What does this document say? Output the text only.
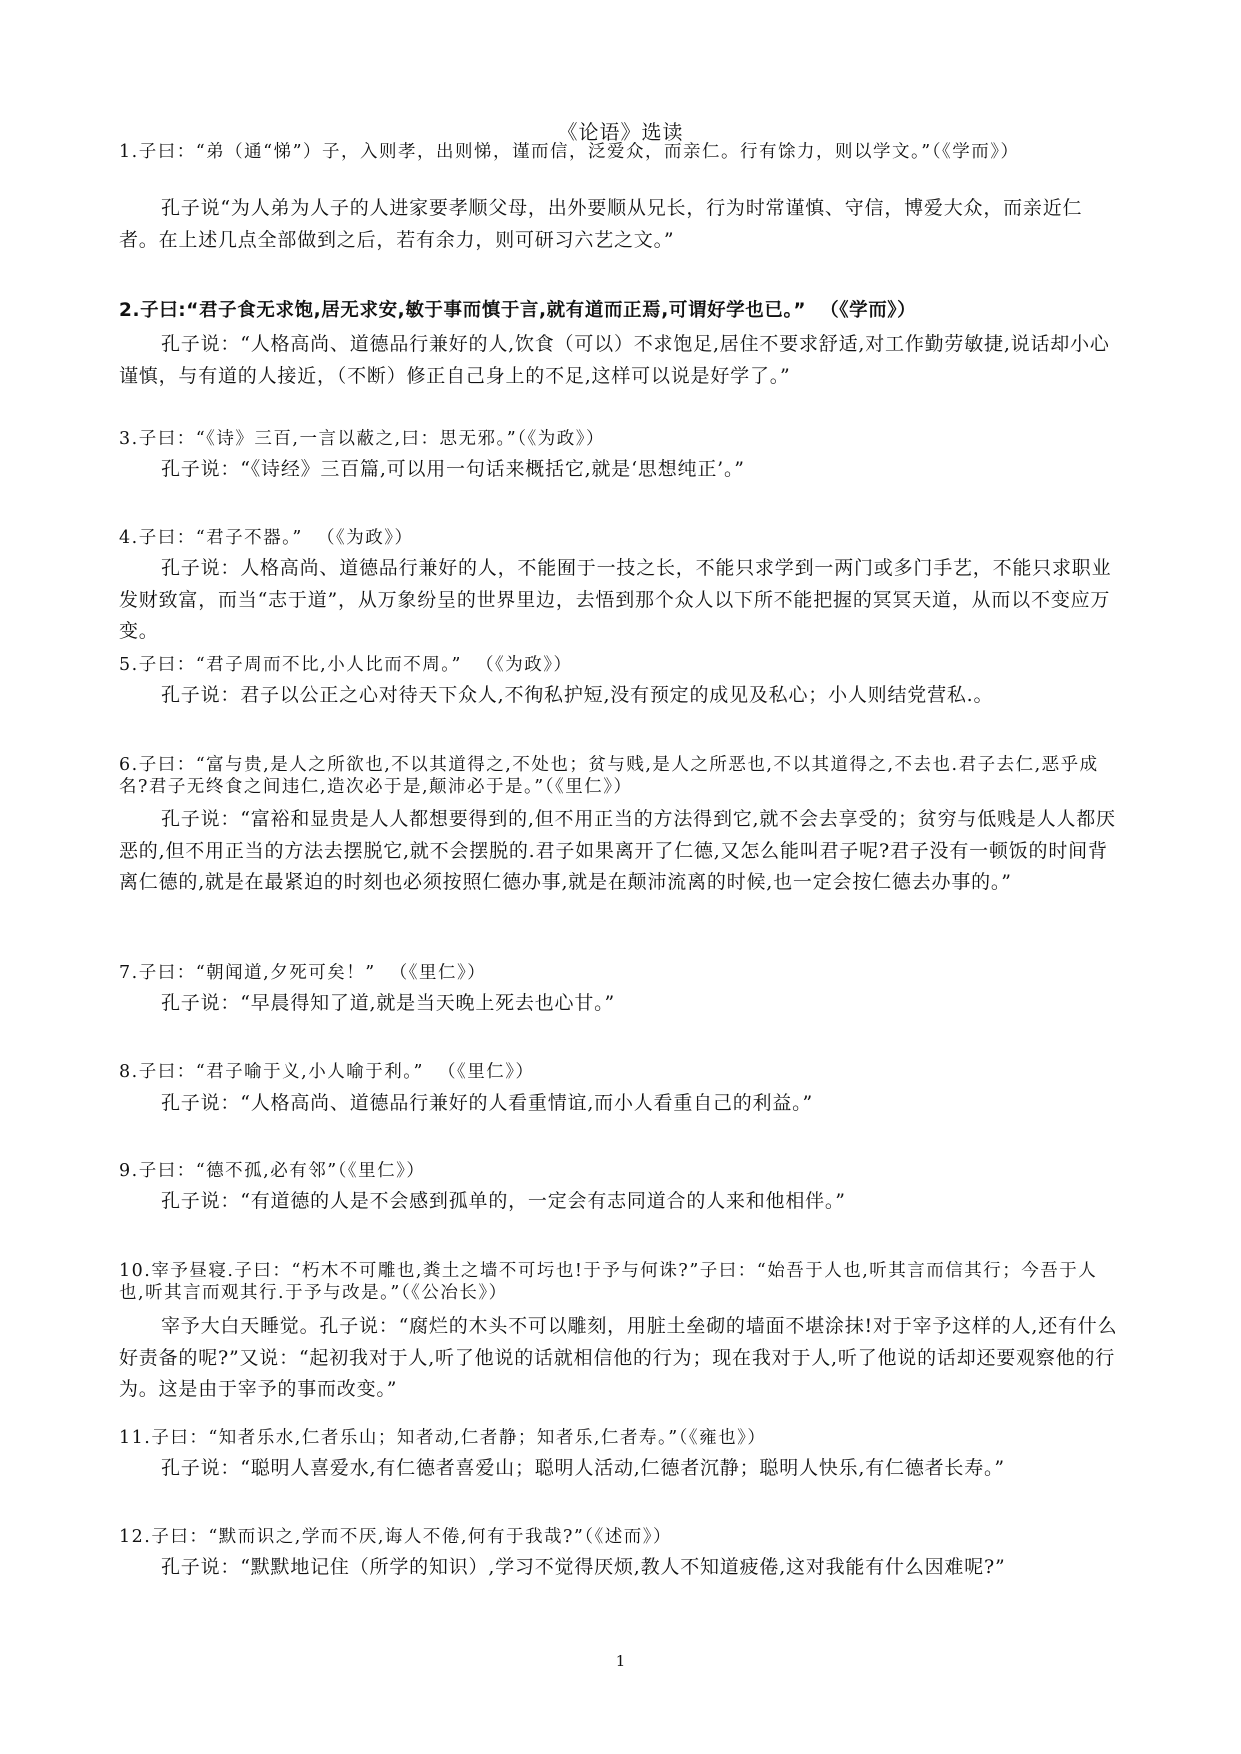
《论语》选读
1.子曰：“弟（通“悌”）子，入则孝，出则悌，谨而信，泛爱众，而亲仁。行有馀力，则以学文。”（《学而》）
孔子说“为人弟为人子的人进家要孝顺父母，出外要顺从兄长，行为时常谨慎、守信，博爱大众，而亲近仁者。在上述几点全部做到之后，若有余力，则可研习六艺之文。”
2.子曰:“君子食无求饱,居无求安,敏于事而慎于言,就有道而正焉,可谓好学也已。”  （《学而》）
孔子说：“人格高尚、道德品行兼好的人,饮食（可以）不求饱足,居住不要求舒适,对工作勤劳敏捷,说话却小心谨慎，与有道的人接近，（不断）修正自己身上的不足,这样可以说是好学了。”
3.子曰：“《诗》三百,一言以蔽之,曰：思无邪。”（《为政》）
孔子说：“《诗经》三百篇,可以用一句话来概括它,就是‘思想纯正’。”
4.子曰：“君子不器。”  （《为政》）
孔子说：人格高尚、道德品行兼好的人，不能囿于一技之长，不能只求学到一两门或多门手艺，不能只求职业发财致富，而当“志于道”，从万象纷呈的世界里边，去悟到那个众人以下所不能把握的冥冥天道，从而以不变应万变。
5.子曰：“君子周而不比,小人比而不周。”  （《为政》）
孔子说：君子以公正之心对待天下众人,不徇私护短,没有预定的成见及私心；小人则结党营私.。
6.子曰：“富与贵,是人之所欲也,不以其道得之,不处也；贫与贱,是人之所恶也,不以其道得之,不去也.君子去仁,恶乎成名?君子无终食之间违仁,造次必于是,颠沛必于是。”（《里仁》）
孔子说：“富裕和显贵是人人都想要得到的,但不用正当的方法得到它,就不会去享受的；贫穷与低贱是人人都厌恶的,但不用正当的方法去摆脱它,就不会摆脱的.君子如果离开了仁德,又怎么能叫君子呢?君子没有一顿饭的时间背离仁德的,就是在最紧迫的时刻也必须按照仁德办事,就是在颠沛流离的时候,也一定会按仁德去办事的。”
7.子曰：“朝闻道,夕死可矣！”  （《里仁》）
孔子说：“早晨得知了道,就是当天晚上死去也心甘。”
8.子曰：“君子喻于义,小人喻于利。”  （《里仁》）
孔子说：“人格高尚、道德品行兼好的人看重情谊,而小人看重自己的利益。”
9.子曰：“德不孤,必有邻”（《里仁》）
孔子说：“有道德的人是不会感到孤单的，一定会有志同道合的人来和他相伴。”
10.宰予昼寝.子曰：“朽木不可雕也,粪土之墙不可圬也!于予与何诛?”子曰：“始吾于人也,听其言而信其行；今吾于人也,听其言而观其行.于予与改是。”（《公冶长》）
宰予大白天睡觉。孔子说：“腐烂的木头不可以雕刻，用脏土垒砌的墙面不堪涂抹!对于宰予这样的人,还有什么好责备的呢?”又说：“起初我对于人,听了他说的话就相信他的行为；现在我对于人,听了他说的话却还要观察他的行为。这是由于宰予的事而改变。”
11.子曰：“知者乐水,仁者乐山；知者动,仁者静；知者乐,仁者寿。”（《雍也》）
孔子说：“聪明人喜爱水,有仁德者喜爱山；聪明人活动,仁德者沉静；聪明人快乐,有仁德者长寿。”
12.子曰：“默而识之,学而不厌,诲人不倦,何有于我哉?”（《述而》）
孔子说：“默默地记住（所学的知识）,学习不觉得厌烦,教人不知道疲倦,这对我能有什么因难呢?”
1
